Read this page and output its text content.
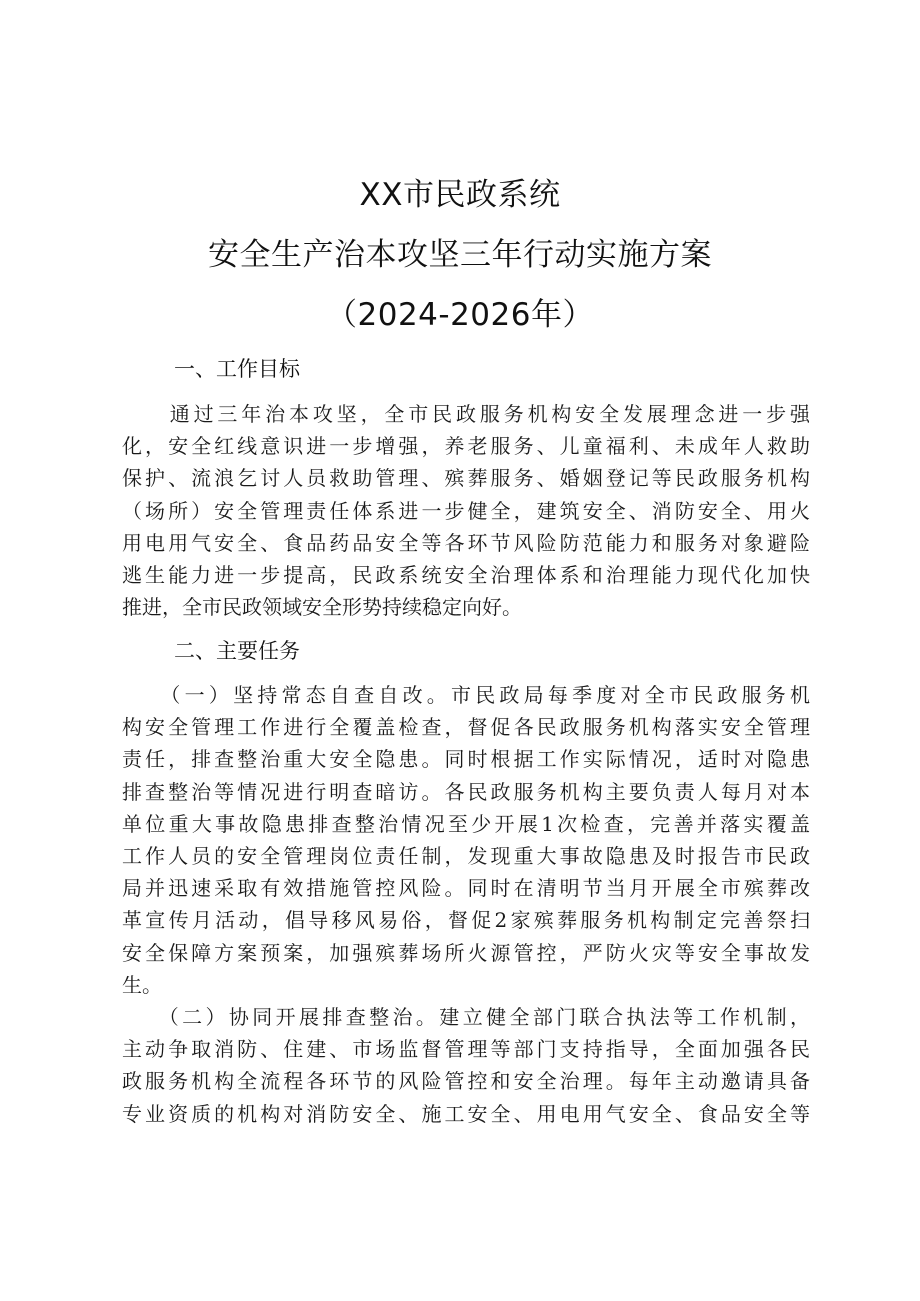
XX市民政系统
安全生产治本攻坚三年行动实施方案
（2024-2026年）
一、工作目标
　　通过三年治本攻坚，全市民政服务机构安全发展理念进一步强
化，安全红线意识进一步增强，养老服务、儿童福利、未成年人救助
保护、流浪乞讨人员救助管理、殡葬服务、婚姻登记等民政服务机构
（场所）安全管理责任体系进一步健全，建筑安全、消防安全、用火
用电用气安全、食品药品安全等各环节风险防范能力和服务对象避险
逃生能力进一步提高，民政系统安全治理体系和治理能力现代化加快
推进，全市民政领域安全形势持续稳定向好。
二、主要任务
　　（一）坚持常态自查自改。市民政局每季度对全市民政服务机
构安全管理工作进行全覆盖检查，督促各民政服务机构落实安全管理
责任，排查整治重大安全隐患。同时根据工作实际情况，适时对隐患
排查整治等情况进行明查暗访。各民政服务机构主要负责人每月对本
单位重大事故隐患排查整治情况至少开展1次检查，完善并落实覆盖
工作人员的安全管理岗位责任制，发现重大事故隐患及时报告市民政
局并迅速采取有效措施管控风险。同时在清明节当月开展全市殡葬改
革宣传月活动，倡导移风易俗，督促2家殡葬服务机构制定完善祭扫
安全保障方案预案，加强殡葬场所火源管控，严防火灾等安全事故发
生。
　　（二）协同开展排查整治。建立健全部门联合执法等工作机制，
主动争取消防、住建、市场监督管理等部门支持指导，全面加强各民
政服务机构全流程各环节的风险管控和安全治理。每年主动邀请具备
专业资质的机构对消防安全、施工安全、用电用气安全、食品安全等
